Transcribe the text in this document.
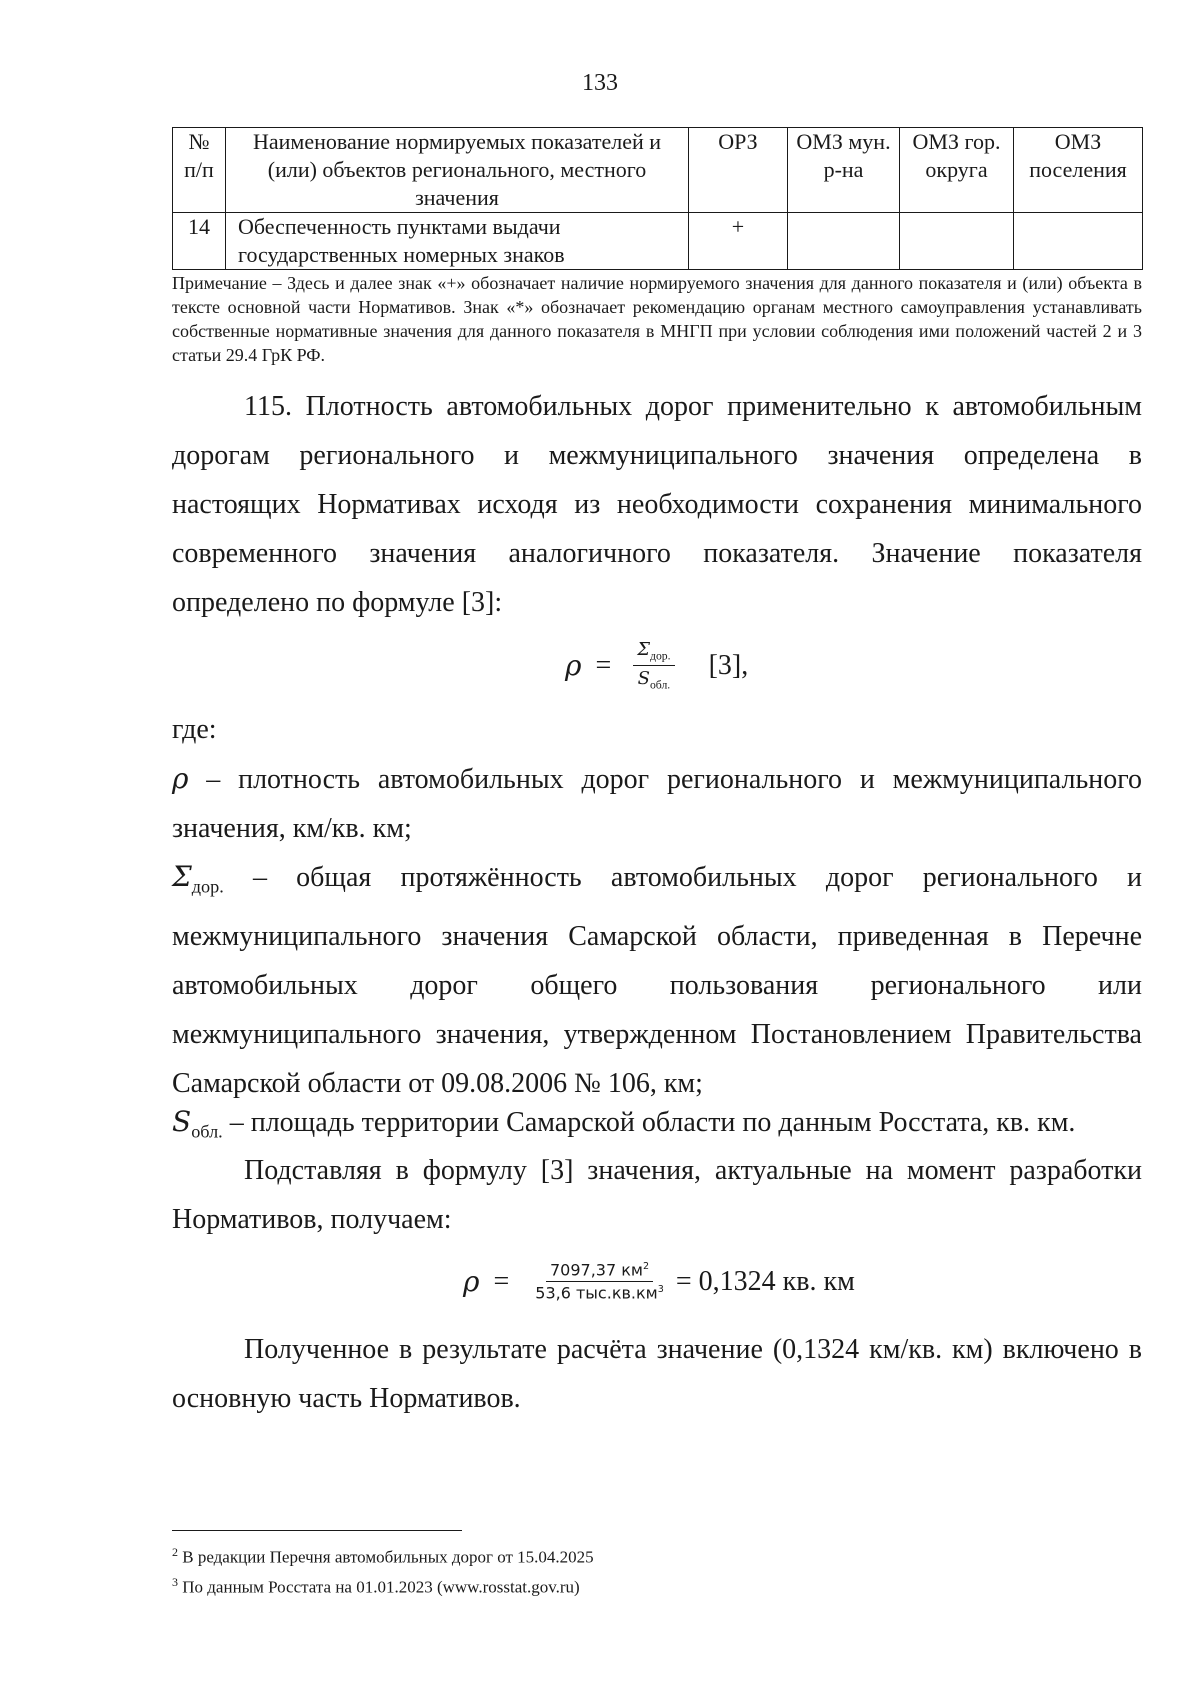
133
№ п/п	Наименование нормируемых показателей и (или) объектов регионального, местного значения	ОРЗ	ОМЗ мун. р-на	ОМЗ гор. округа	ОМЗ поселения
14	Обеспеченность пунктами выдачи государственных номерных знаков	+			
Примечание – Здесь и далее знак «+» обозначает наличие нормируемого значения для данного показателя и (или) объекта в тексте основной части Нормативов. Знак «*» обозначает рекомендацию органам местного самоуправления устанавливать собственные нормативные значения для данного показателя в МНГП при условии соблюдения ими положений частей 2 и 3 статьи 29.4 ГрК РФ.

115. Плотность автомобильных дорог применительно к автомобильным дорогам регионального и межмуниципального значения определена в настоящих Нормативах исходя из необходимости сохранения минимального современного значения аналогичного показателя. Значение показателя определено по формуле [3]:

$\rho = \frac{\Sigma_{дор.}}{S_{обл.}} [3]$,

где:

ρ – плотность автомобильных дорог регионального и межмуниципального значения, км/кв. км;

$\Sigma_{дор.}$ – общая протяжённость автомобильных дорог регионального и межмуниципального значения Самарской области, приведенная в Перечне автомобильных дорог общего пользования регионального или межмуниципального значения, утвержденном Постановлением Правительства Самарской области от 09.08.2006 № 106, км;

$S_{обл.}$ – площадь территории Самарской области по данным Росстата, кв. км.

Подставляя в формулу [3] значения, актуальные на момент разработки Нормативов, получаем:

$\rho = \frac{7097,37 км^2}{53,6 тыс.кв.км^3} = 0,1324$ кв. км

Полученное в результате расчёта значение (0,1324 км/кв. км) включено в основную часть Нормативов.

$^2$ В редакции Перечня автомобильных дорог от 15.04.2025
$^3$ По данным Росстата на 01.01.2023 (www.rosstat.gov.ru)
